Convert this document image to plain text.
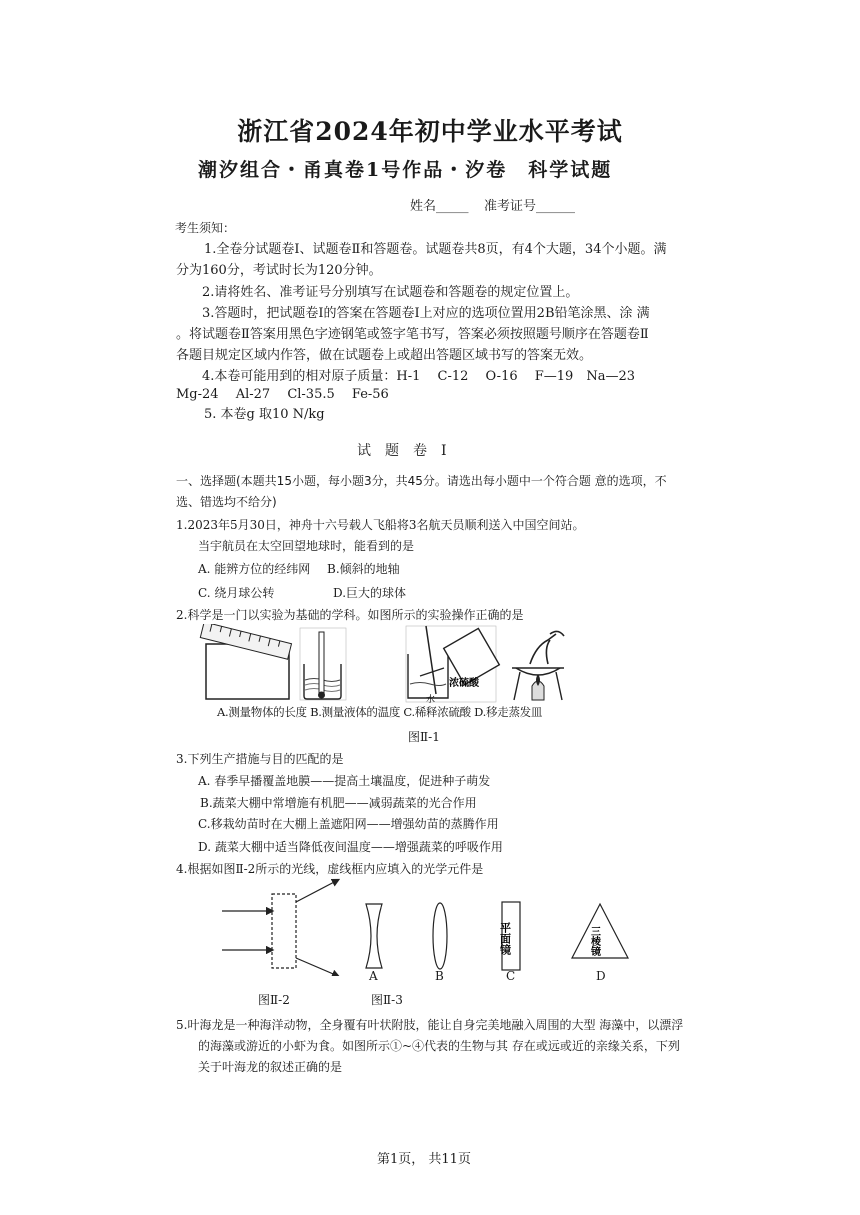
浙江省2024年初中学业水平考试
潮汐组合・甬真卷1号作品・汐卷　科学试题
姓名_____ 准考证号______
考生须知：
1.全卷分试题卷Ⅰ、试题卷Ⅱ和答题卷。试题卷共8页，有4个大题，34个小题。满分为160分，考试时长为120分钟。
2.请将姓名、准考证号分别填写在试题卷和答题卷的规定位置上。
3.答题时，把试题卷Ⅰ的答案在答题卷Ⅰ上对应的选项位置用2B铅笔涂黑、涂 满 。将试题卷Ⅱ答案用黑色字迹钢笔或签字笔书写，答案必须按照题号顺序在答题卷Ⅱ各题目规定区域内作答，做在试题卷上或超出答题区域书写的答案无效。
4.本卷可能用到的相对原子质量：H-1　 C-12　 O-16　 F—19　Na—23
Mg-24　 Al-27　 Cl-35.5　 Fe-56
5. 本卷g 取10 N/kg
试　题　卷　I
一、选择题(本题共15小题，每小题3分，共45分。请选出每小题中一个符合题 意的选项，不选、错选均不给分)
1.2023年5月30日，神舟十六号载人飞船将3名航天员顺利送入中国空间站。
当宇航员在太空回望地球时，能看到的是
A. 能辨方位的经纬网 B.倾斜的地轴
C. 绕月球公转	D.巨大的球体
2.科学是一门以实验为基础的学科。如图所示的实验操作正确的是
浓硫酸
水
A.测量物体的长度 B.测量液体的温度 C.稀释浓硫酸 D.移走蒸发皿
图Ⅱ-1
3.下列生产措施与目的匹配的是
A. 春季早播覆盖地膜——提高土壤温度，促进种子萌发
B.蔬菜大棚中常增施有机肥——减弱蔬菜的光合作用
C.移栽幼苗时在大棚上盖遮阳网——增强幼苗的蒸腾作用
D. 蔬菜大棚中适当降低夜间温度——增强蔬菜的呼吸作用
4.根据如图Ⅱ-2所示的光线，虚线框内应填入的光学元件是
平面镜	三棱镜
A	B	C	D
图Ⅱ-2	图Ⅱ-3
5.叶海龙是一种海洋动物，全身覆有叶状附肢，能让自身完美地融入周围的大型 海藻中，以漂浮的海藻或游近的小虾为食。如图所示①~④代表的生物与其 存在或远或近的亲缘关系，下列关于叶海龙的叙述正确的是
第1页， 共11页
